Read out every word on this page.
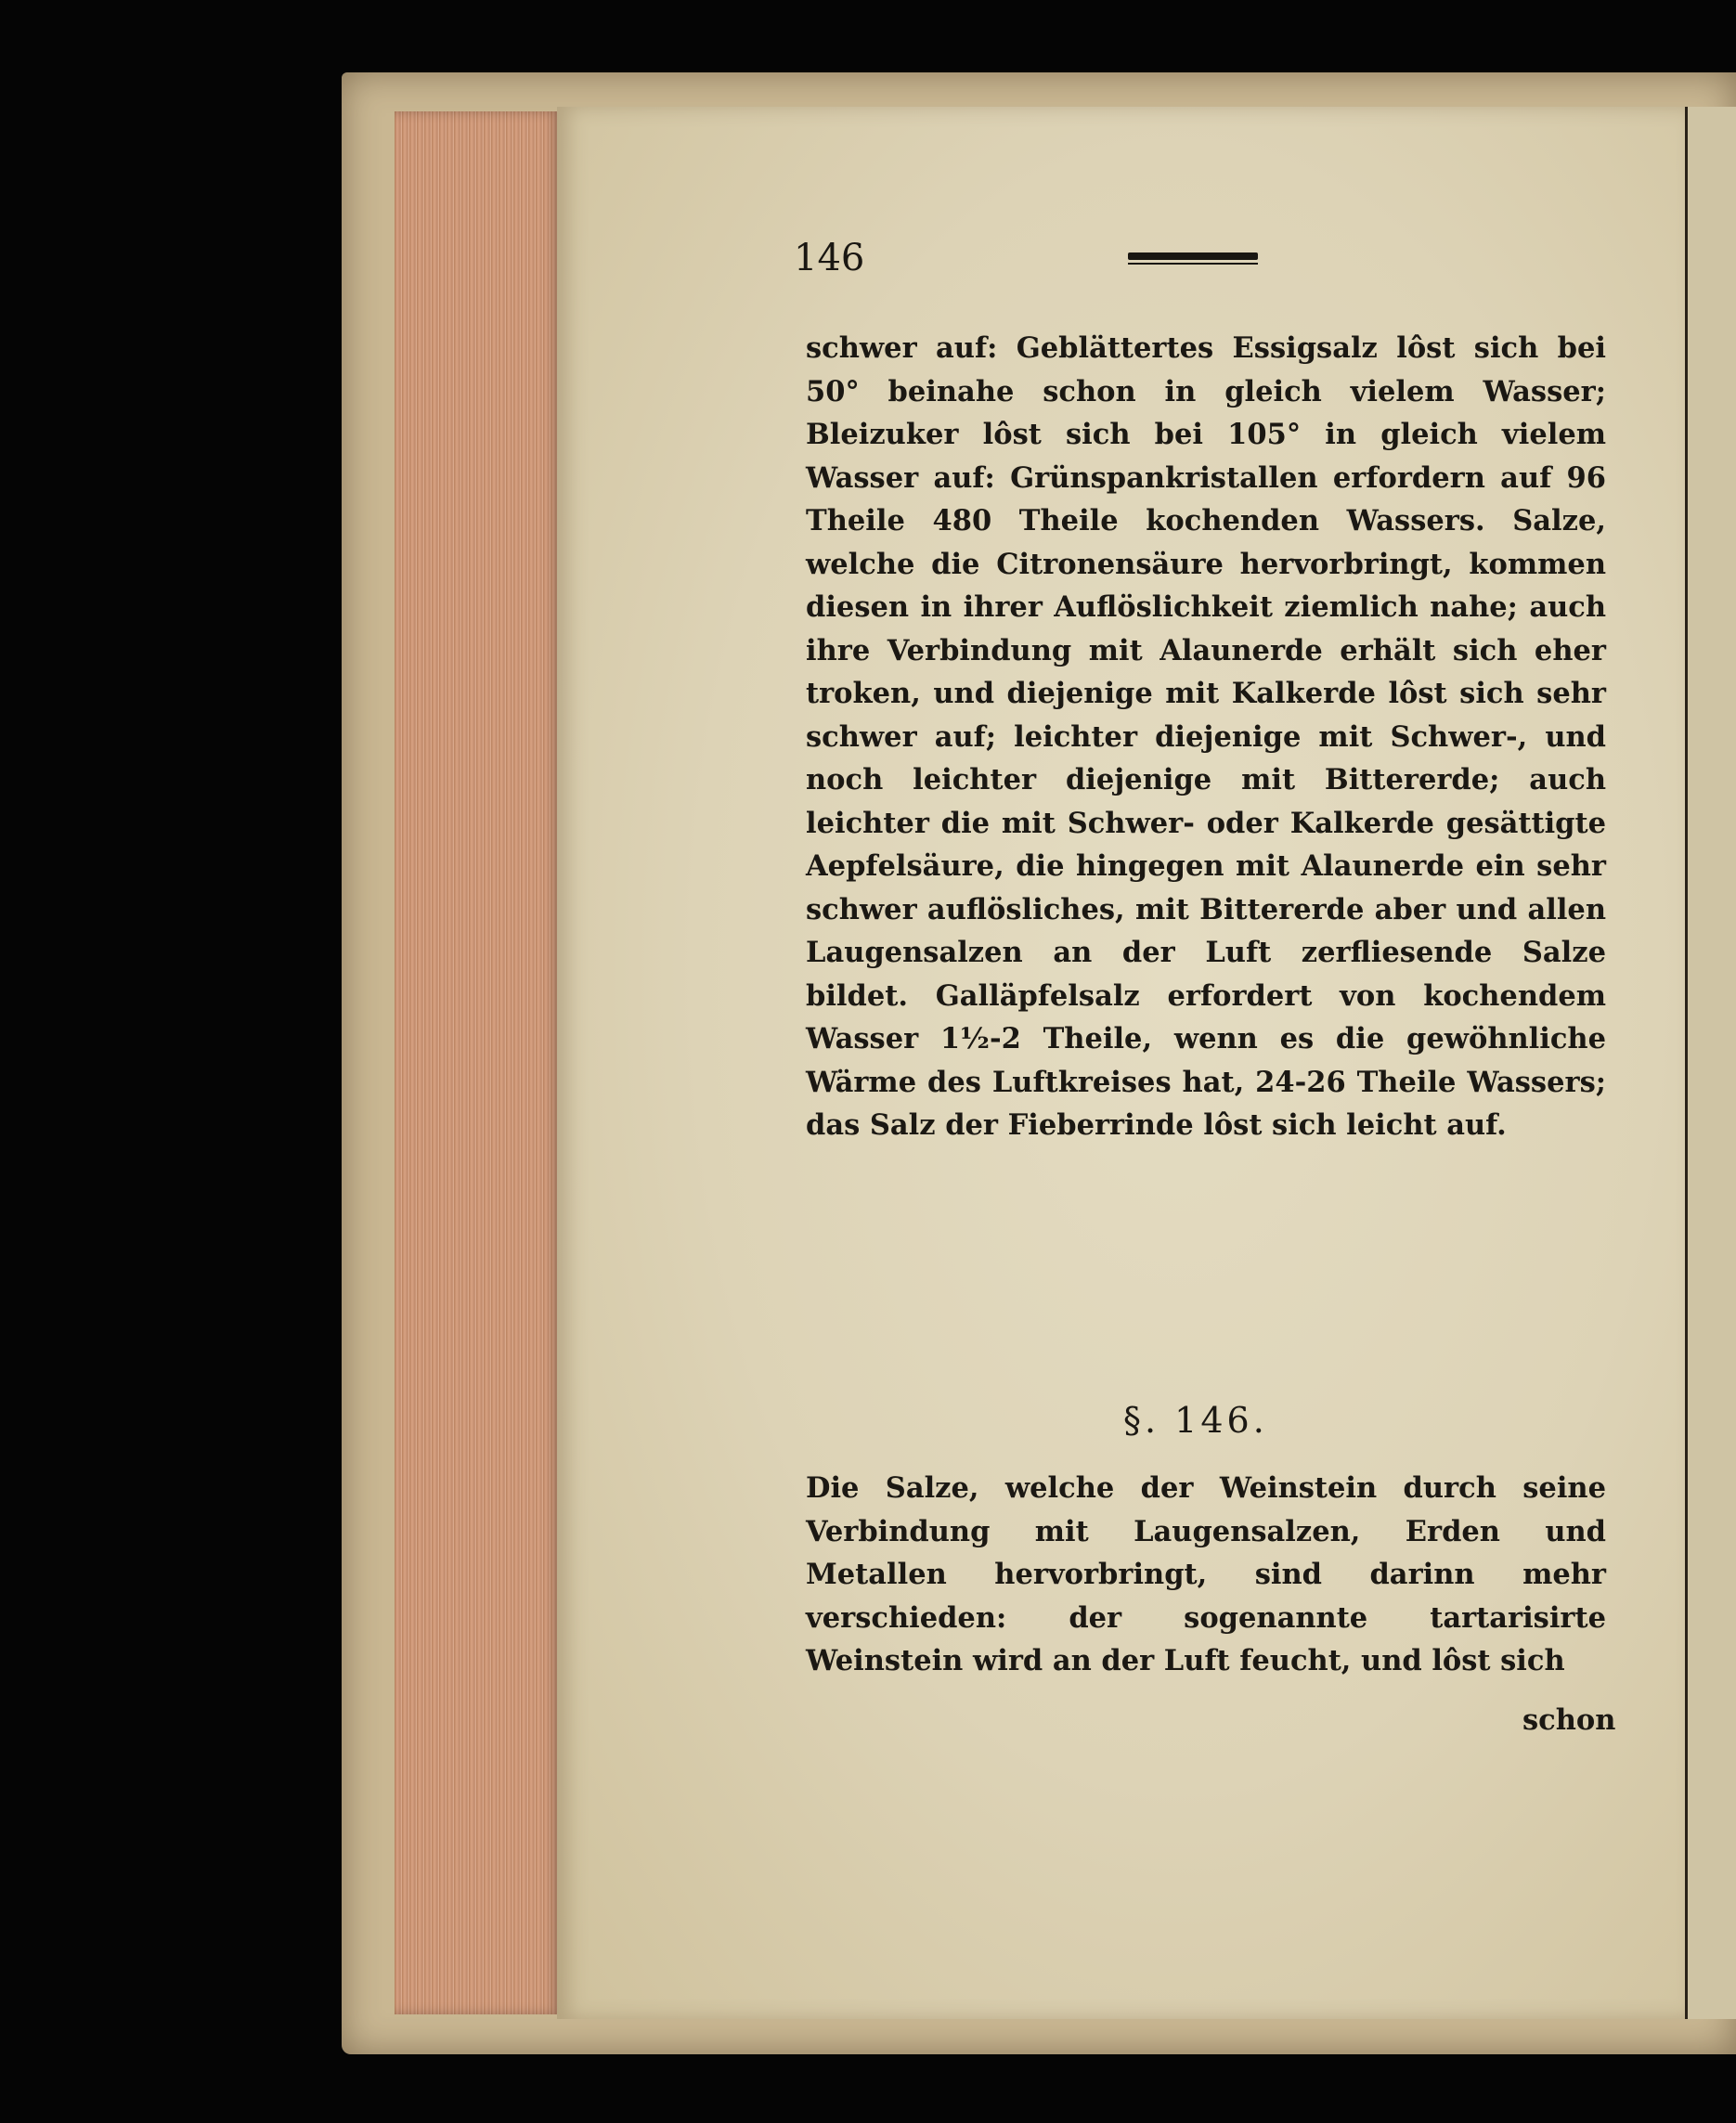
146

schwer auf: Geblättertes Essigsalz lôst sich bei 50° beinahe schon in gleich vielem Wasser; Bleizuker lôst sich bei 105° in gleich vielem Wasser auf: Grünspankristallen erfordern auf 96 Theile 480 Theile kochenden Wassers. Salze, welche die Citronensäure hervorbringt, kommen diesen in ihrer Auflöslichkeit ziemlich nahe; auch ihre Verbindung mit Alaunerde erhält sich eher troken, und diejenige mit Kalkerde lôst sich sehr schwer auf; leichter diejenige mit Schwer-, und noch leichter diejenige mit Bittererde; auch leichter die mit Schwer- oder Kalkerde gesättigte Aepfelsäure, die hingegen mit Alaunerde ein sehr schwer auflösliches, mit Bittererde aber und allen Laugensalzen an der Luft zerfliesende Salze bildet. Galläpfelsalz erfordert von kochendem Wasser 1½-2 Theile, wenn es die gewöhnliche Wärme des Luftkreises hat, 24-26 Theile Wassers; das Salz der Fieberrinde lôst sich leicht auf.

§. 146.

Die Salze, welche der Weinstein durch seine Verbindung mit Laugensalzen, Erden und Metallen hervorbringt, sind darinn mehr verschieden: der sogenannte tartarisirte Weinstein wird an der Luft feucht, und lôst sich

schon
